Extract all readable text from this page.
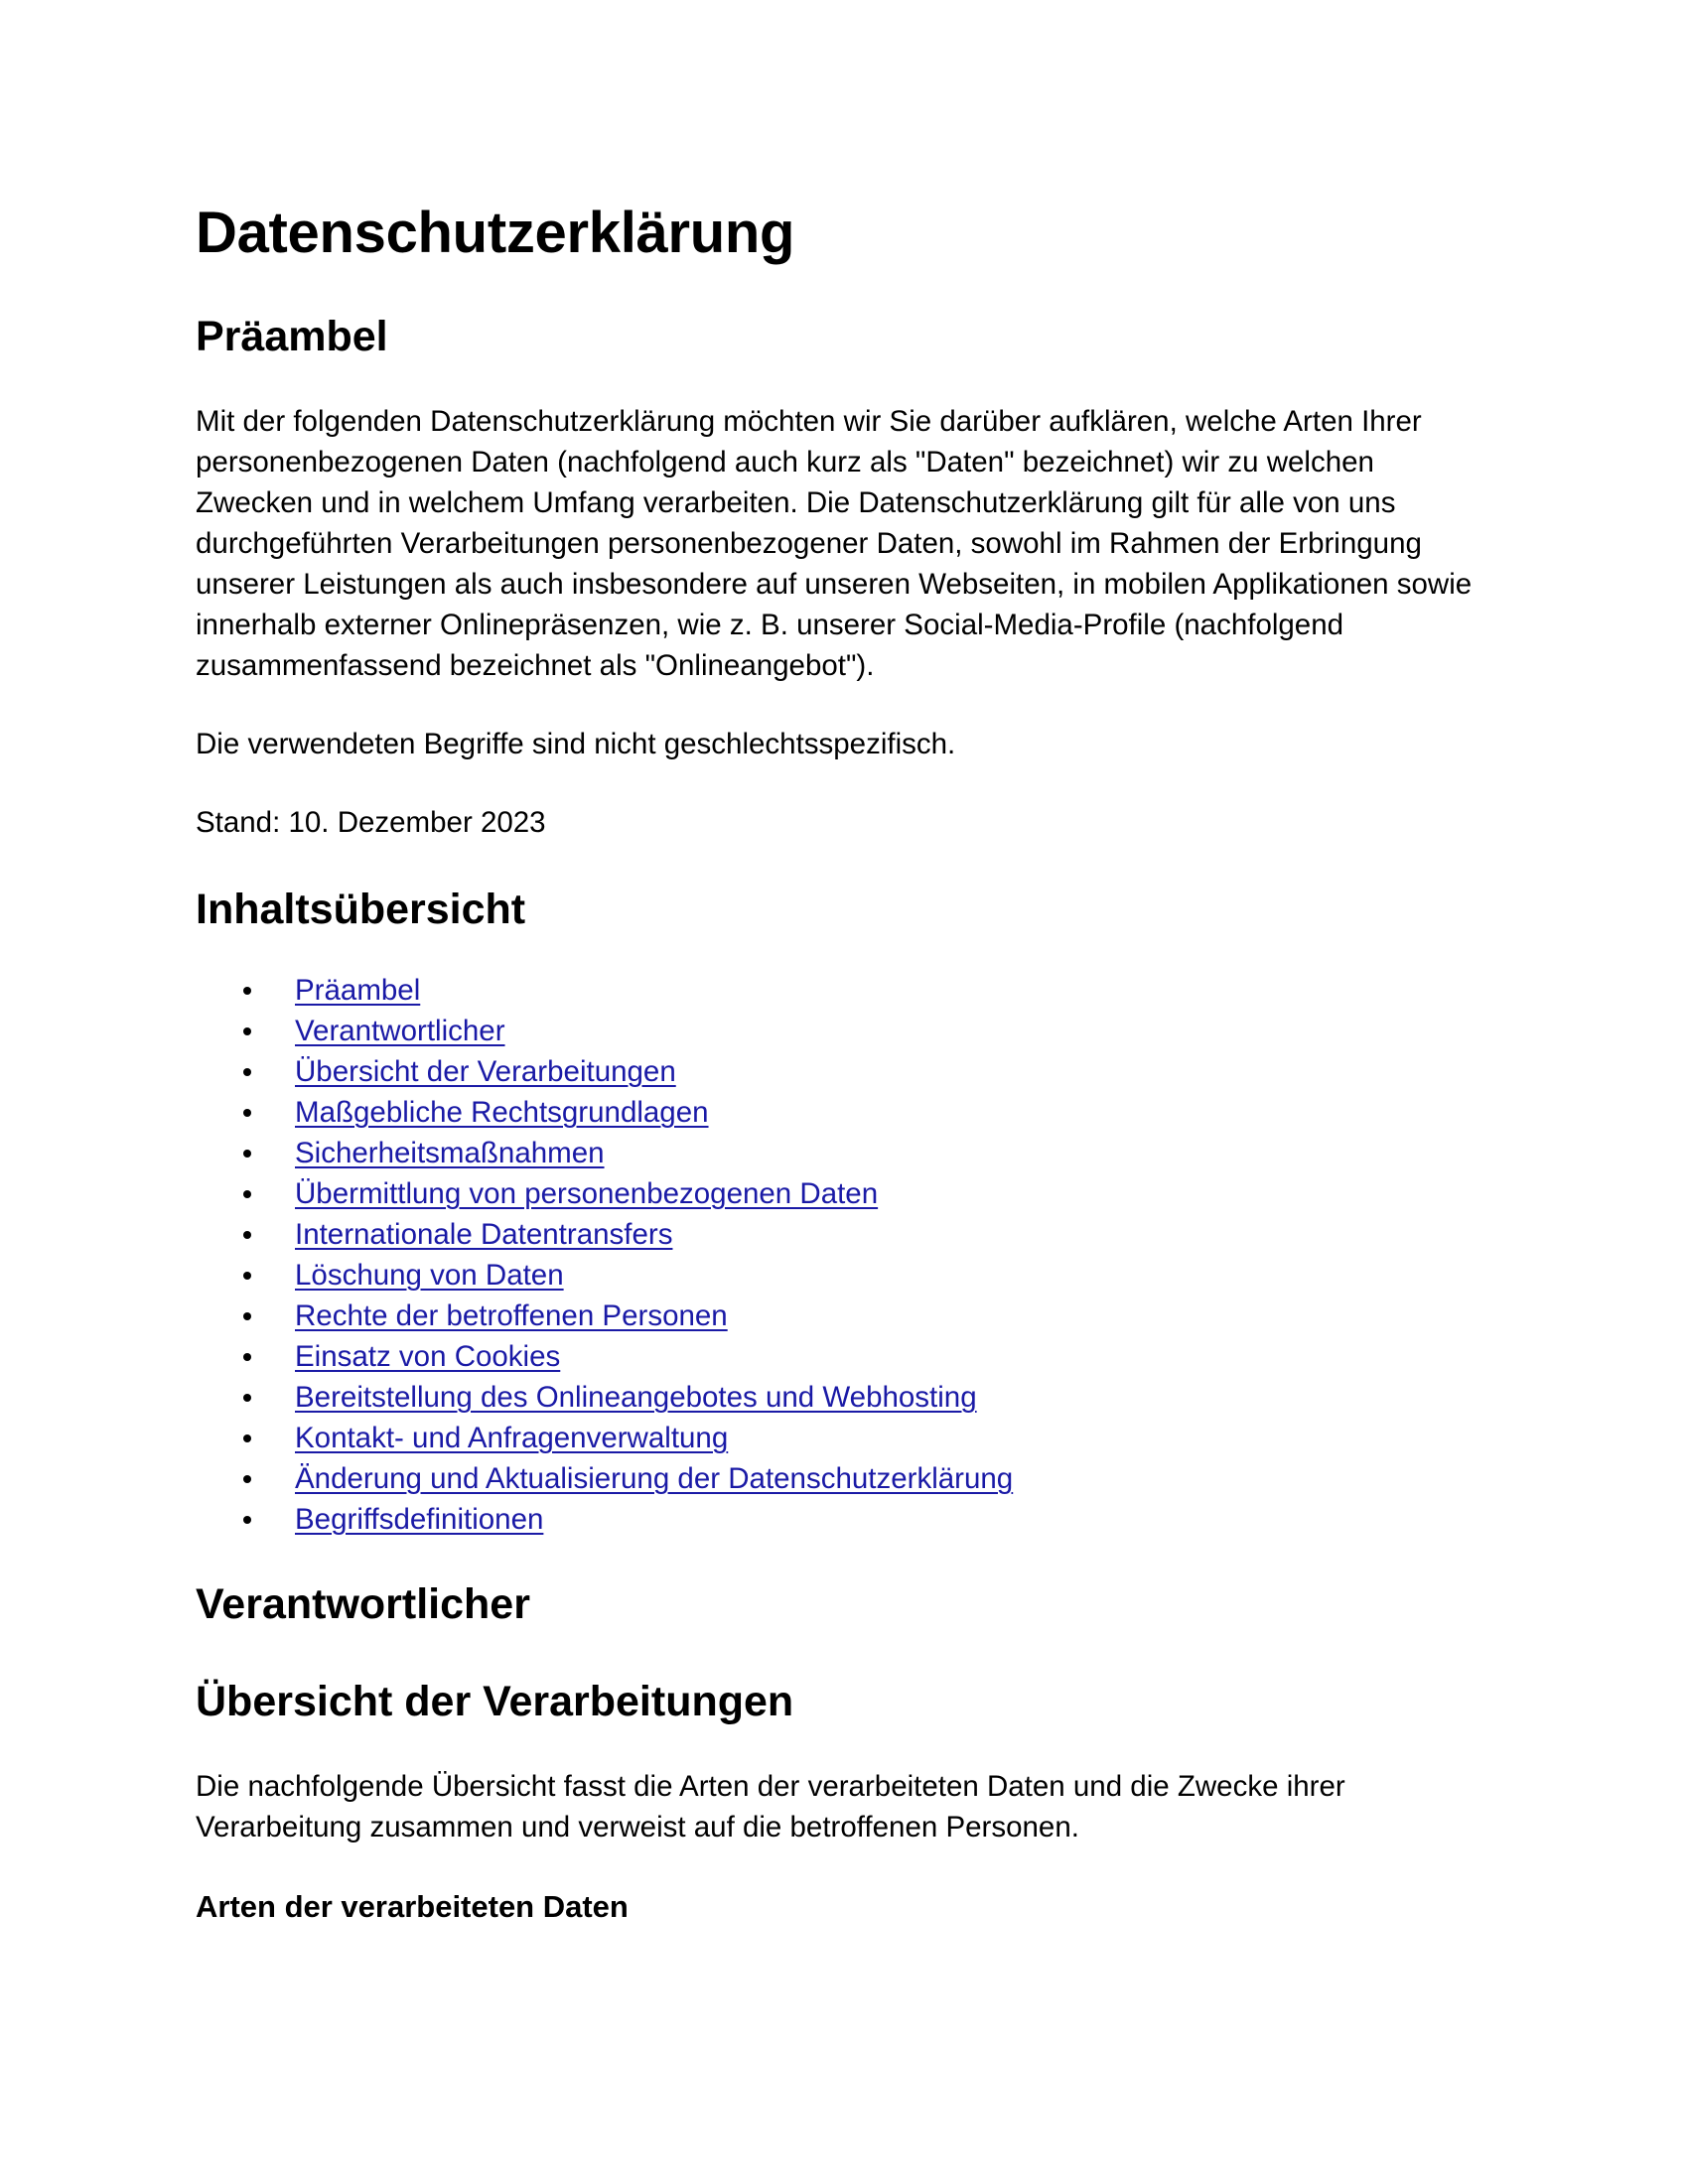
Datenschutzerklärung
Präambel

Mit der folgenden Datenschutzerklärung möchten wir Sie darüber aufklären, welche Arten Ihrer personenbezogenen Daten (nachfolgend auch kurz als "Daten" bezeichnet) wir zu welchen Zwecken und in welchem Umfang verarbeiten. Die Datenschutzerklärung gilt für alle von uns durchgeführten Verarbeitungen personenbezogener Daten, sowohl im Rahmen der Erbringung unserer Leistungen als auch insbesondere auf unseren Webseiten, in mobilen Applikationen sowie innerhalb externer Onlinepräsenzen, wie z. B. unserer Social-Media-Profile (nachfolgend zusammenfassend bezeichnet als "Onlineangebot").

Die verwendeten Begriffe sind nicht geschlechtsspezifisch.

Stand: 10. Dezember 2023

Inhaltsübersicht
Präambel
Verantwortlicher
Übersicht der Verarbeitungen
Maßgebliche Rechtsgrundlagen
Sicherheitsmaßnahmen
Übermittlung von personenbezogenen Daten
Internationale Datentransfers
Löschung von Daten
Rechte der betroffenen Personen
Einsatz von Cookies
Bereitstellung des Onlineangebotes und Webhosting
Kontakt- und Anfragenverwaltung
Änderung und Aktualisierung der Datenschutzerklärung
Begriffsdefinitionen
Verantwortlicher
Übersicht der Verarbeitungen

Die nachfolgende Übersicht fasst die Arten der verarbeiteten Daten und die Zwecke ihrer Verarbeitung zusammen und verweist auf die betroffenen Personen.

Arten der verarbeiteten Daten
